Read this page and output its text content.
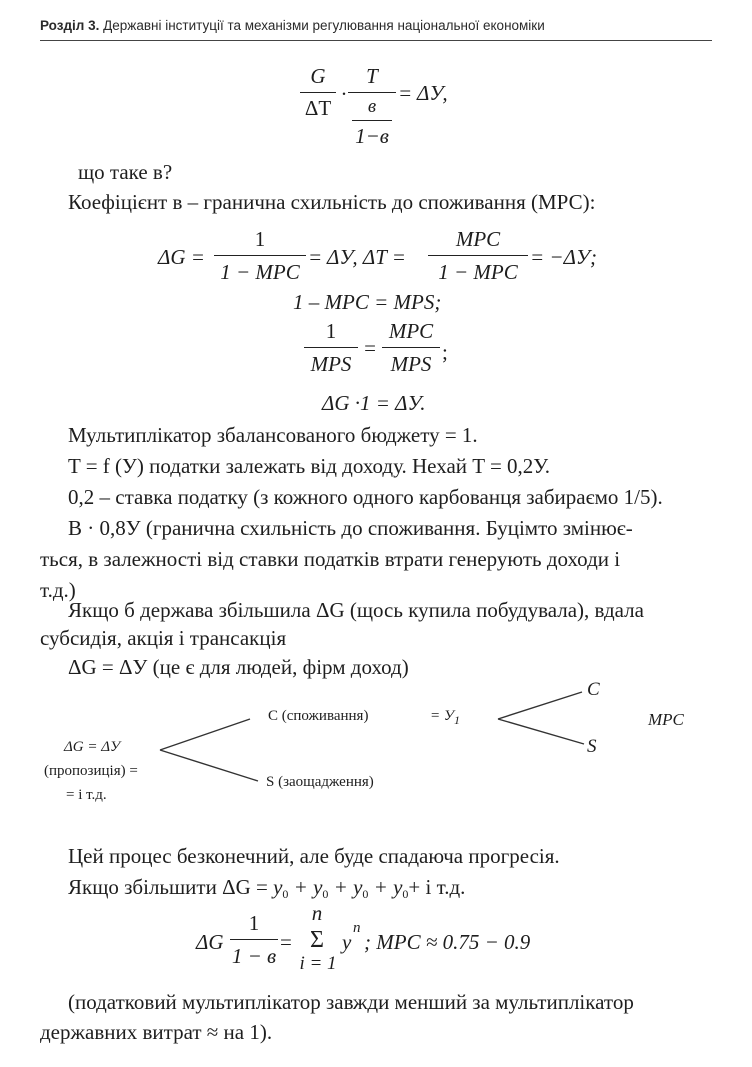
Розділ 3. Державні інституції та механізми регулювання національної економіки
G
ΔT
·
T
в
1−в
= ΔУ,
що таке в?
Коефіцієнт в – гранична схильність до споживання (МРС):
ΔG =
1
1 − MPC
= ΔУ, ΔT =
MPC
1 − MPC
= −ΔУ;
1 – MPC = MPS;
1
MPS
=
MPC
MPS ;
ΔG ·1 = ΔУ.
Мультиплікатор збалансованого бюджету = 1.
T = f (У) податки залежать від доходу. Нехай T = 0,2У.
0,2 – ставка податку (з кожного одного карбованця забираємо 1/5).
B · 0,8У (гранична схильність до споживання. Буцімто змінює-
ться, в залежності від ставки податків втрати генерують доходи і
т.д.)
Якщо б держава збільшила ΔG (щось купила побудувала), вдала
субсидія, акція і трансакція
ΔG = ΔУ (це є для людей, фірм доход)
ΔG = ΔУ
(пропозиція) =
= і т.д.
C (споживання)
S (заощадження)
= $У_1$
C
S
MPC
Цей процес безконечний, але буде спадаюча прогресія.
Якщо збільшити $\Delta G = y_0 + y_0 + y_0 + y_0+ і$ т.д.
ΔG
1
1 − в
=
n
Σ
i = 1
y
n
; MPC ≈ 0.75 − 0.9
(податковий мультиплікатор завжди менший за мультиплікатор
державних витрат ≈ на 1).
